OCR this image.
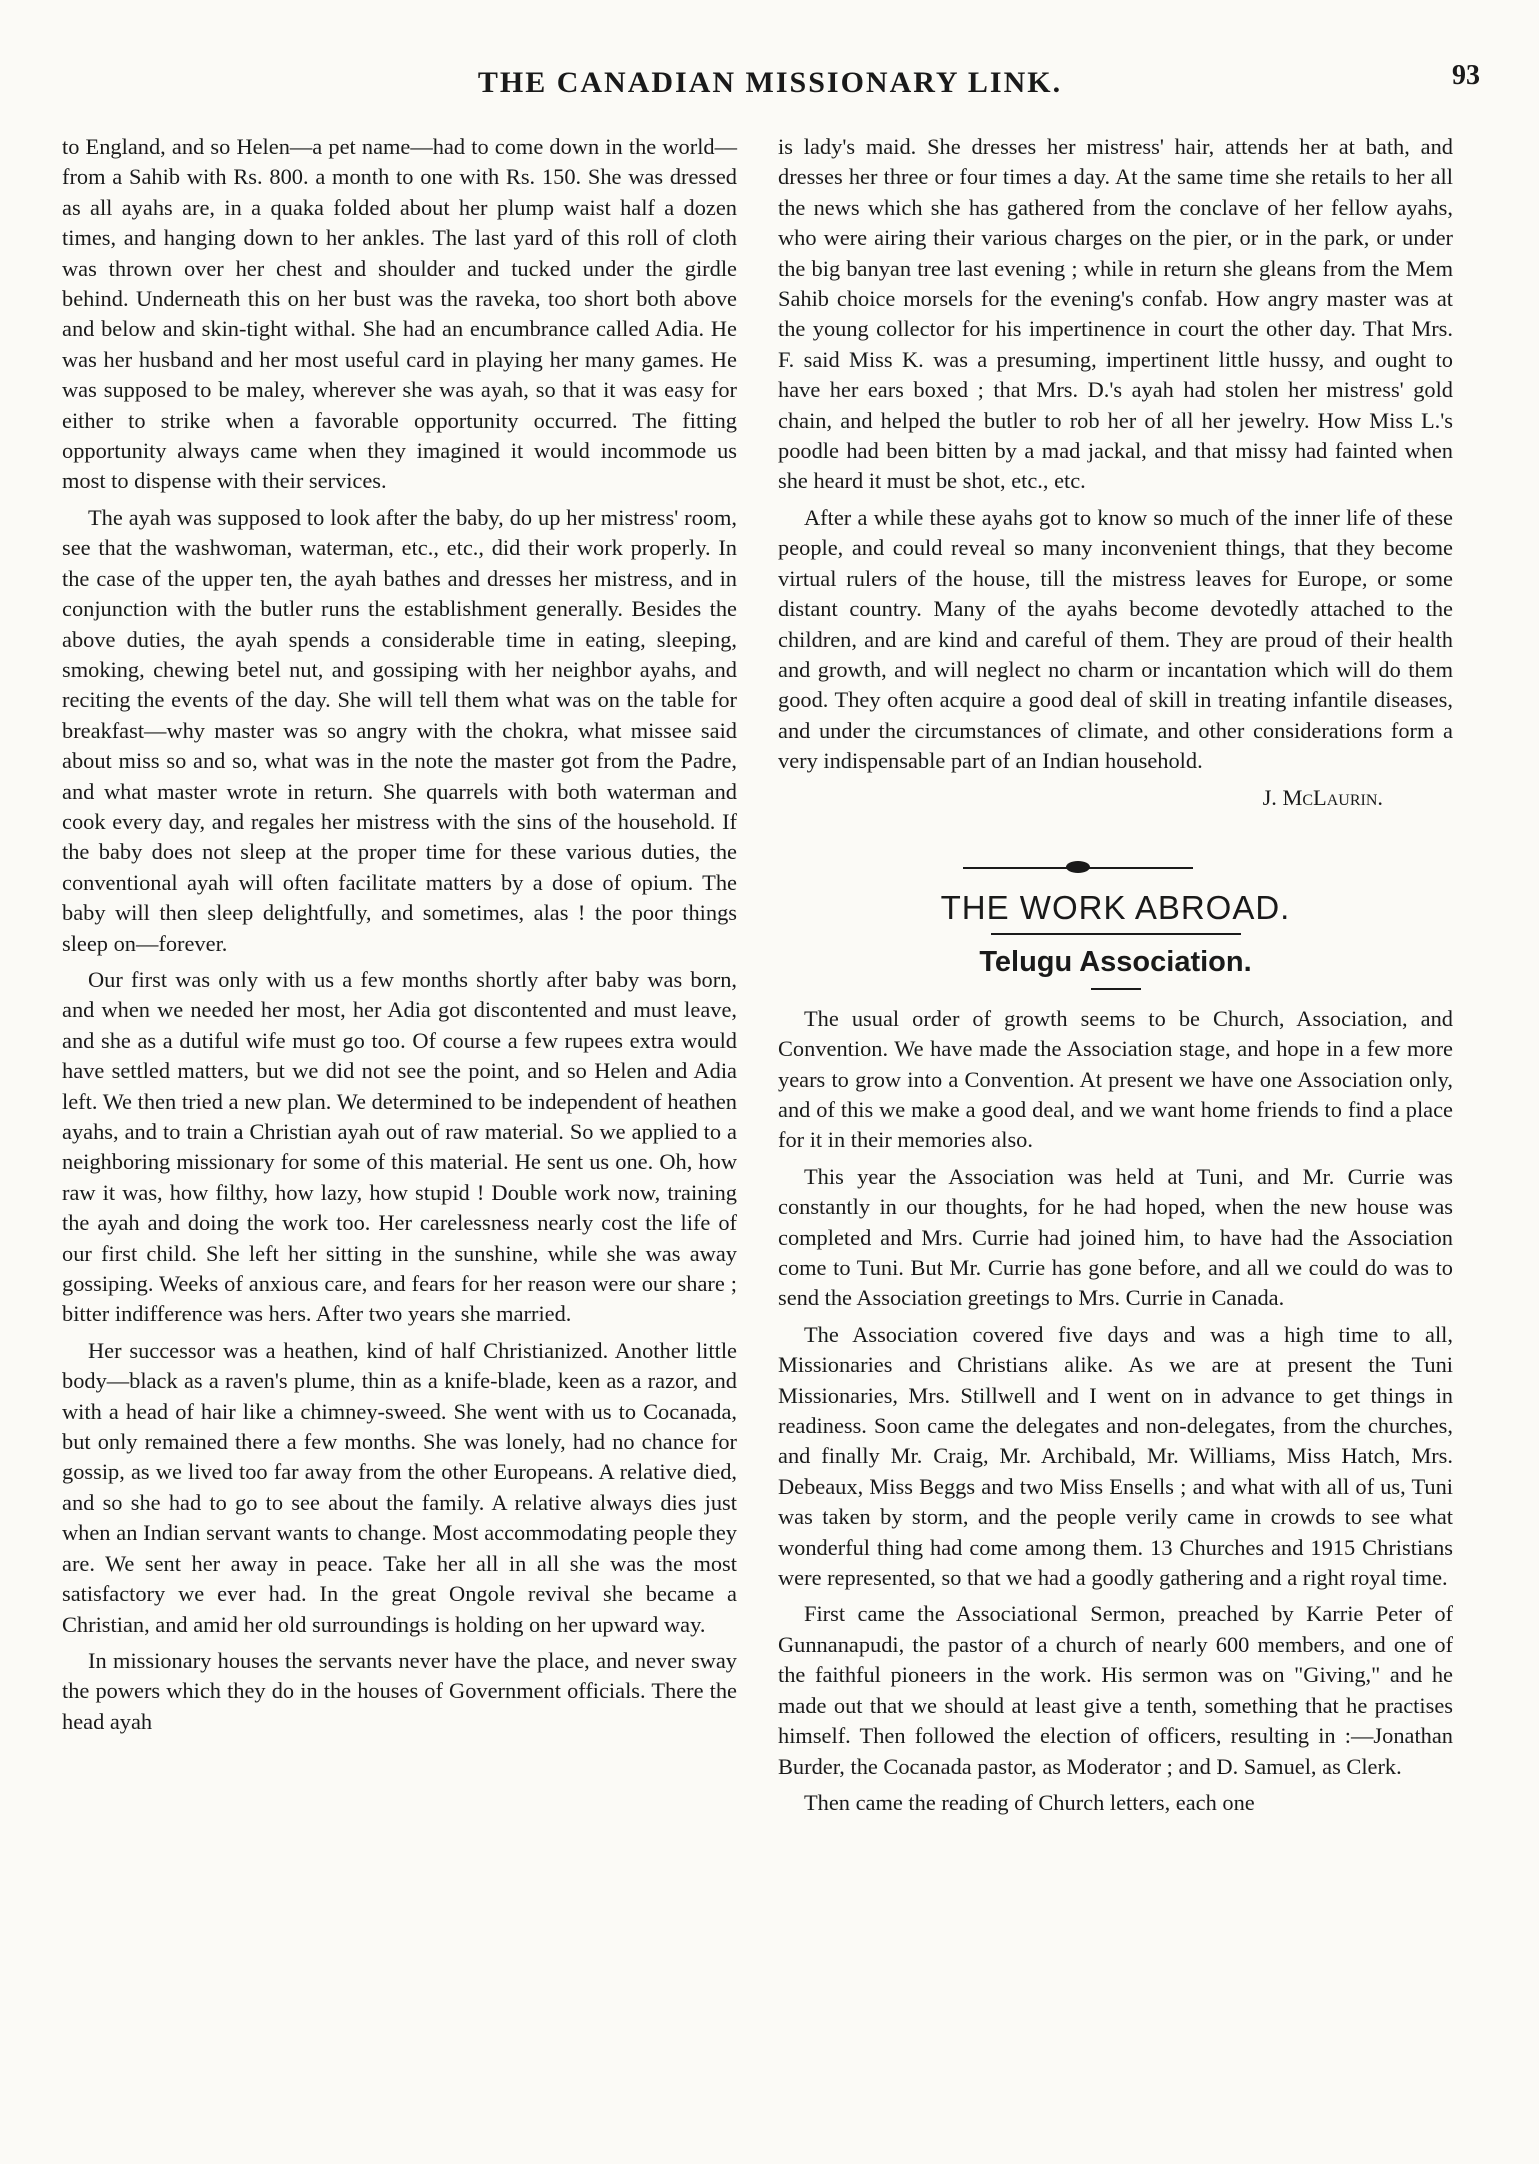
THE CANADIAN MISSIONARY LINK.	93

to England, and so Helen—a pet name—had to come down in the world—from a Sahib with Rs. 800. a month to one with Rs. 150. She was dressed as all ayahs are, in a quaka folded about her plump waist half a dozen times, and hanging down to her ankles. The last yard of this roll of cloth was thrown over her chest and shoulder and tucked under the girdle behind. Underneath this on her bust was the raveka, too short both above and below and skin-tight withal. She had an encumbrance called Adia. He was her husband and her most useful card in playing her many games. He was supposed to be maley, wherever she was ayah, so that it was easy for either to strike when a favorable opportunity occurred. The fitting opportunity always came when they imagined it would incommode us most to dispense with their services.

The ayah was supposed to look after the baby, do up her mistress' room, see that the washwoman, waterman, etc., etc., did their work properly. In the case of the upper ten, the ayah bathes and dresses her mistress, and in conjunction with the butler runs the establishment generally. Besides the above duties, the ayah spends a considerable time in eating, sleeping, smoking, chewing betel nut, and gossiping with her neighbor ayahs, and reciting the events of the day. She will tell them what was on the table for breakfast—why master was so angry with the chokra, what missee said about miss so and so, what was in the note the master got from the Padre, and what master wrote in return. She quarrels with both waterman and cook every day, and regales her mistress with the sins of the household. If the baby does not sleep at the proper time for these various duties, the conventional ayah will often facilitate matters by a dose of opium. The baby will then sleep delightfully, and sometimes, alas ! the poor things sleep on—forever.

Our first was only with us a few months shortly after baby was born, and when we needed her most, her Adia got discontented and must leave, and she as a dutiful wife must go too. Of course a few rupees extra would have settled matters, but we did not see the point, and so Helen and Adia left. We then tried a new plan. We determined to be independent of heathen ayahs, and to train a Christian ayah out of raw material. So we applied to a neighboring missionary for some of this material. He sent us one. Oh, how raw it was, how filthy, how lazy, how stupid ! Double work now, training the ayah and doing the work too. Her carelessness nearly cost the life of our first child. She left her sitting in the sunshine, while she was away gossiping. Weeks of anxious care, and fears for her reason were our share ; bitter indifference was hers. After two years she married.

Her successor was a heathen, kind of half Christianized. Another little body—black as a raven's plume, thin as a knife-blade, keen as a razor, and with a head of hair like a chimney-sweed. She went with us to Cocanada, but only remained there a few months. She was lonely, had no chance for gossip, as we lived too far away from the other Europeans. A relative died, and so she had to go to see about the family. A relative always dies just when an Indian servant wants to change. Most accommodating people they are. We sent her away in peace. Take her all in all she was the most satisfactory we ever had. In the great Ongole revival she became a Christian, and amid her old surroundings is holding on her upward way.

In missionary houses the servants never have the place, and never sway the powers which they do in the houses of Government officials. There the head ayah

is lady's maid. She dresses her mistress' hair, attends her at bath, and dresses her three or four times a day. At the same time she retails to her all the news which she has gathered from the conclave of her fellow ayahs, who were airing their various charges on the pier, or in the park, or under the big banyan tree last evening ; while in return she gleans from the Mem Sahib choice morsels for the evening's confab. How angry master was at the young collector for his impertinence in court the other day. That Mrs. F. said Miss K. was a presuming, impertinent little hussy, and ought to have her ears boxed ; that Mrs. D.'s ayah had stolen her mistress' gold chain, and helped the butler to rob her of all her jewelry. How Miss L.'s poodle had been bitten by a mad jackal, and that missy had fainted when she heard it must be shot, etc., etc.

After a while these ayahs got to know so much of the inner life of these people, and could reveal so many inconvenient things, that they become virtual rulers of the house, till the mistress leaves for Europe, or some distant country. Many of the ayahs become devotedly attached to the children, and are kind and careful of them. They are proud of their health and growth, and will neglect no charm or incantation which will do them good. They often acquire a good deal of skill in treating infantile diseases, and under the circumstances of climate, and other considerations form a very indispensable part of an Indian household.

J. McLaurin.

THE WORK ABROAD.
Telugu Association.

The usual order of growth seems to be Church, Association, and Convention. We have made the Association stage, and hope in a few more years to grow into a Convention. At present we have one Association only, and of this we make a good deal, and we want home friends to find a place for it in their memories also.

This year the Association was held at Tuni, and Mr. Currie was constantly in our thoughts, for he had hoped, when the new house was completed and Mrs. Currie had joined him, to have had the Association come to Tuni. But Mr. Currie has gone before, and all we could do was to send the Association greetings to Mrs. Currie in Canada.

The Association covered five days and was a high time to all, Missionaries and Christians alike. As we are at present the Tuni Missionaries, Mrs. Stillwell and I went on in advance to get things in readiness. Soon came the delegates and non-delegates, from the churches, and finally Mr. Craig, Mr. Archibald, Mr. Williams, Miss Hatch, Mrs. Debeaux, Miss Beggs and two Miss Ensells ; and what with all of us, Tuni was taken by storm, and the people verily came in crowds to see what wonderful thing had come among them. 13 Churches and 1915 Christians were represented, so that we had a goodly gathering and a right royal time.

First came the Associational Sermon, preached by Karrie Peter of Gunnanapudi, the pastor of a church of nearly 600 members, and one of the faithful pioneers in the work. His sermon was on "Giving," and he made out that we should at least give a tenth, something that he practises himself. Then followed the election of officers, resulting in :—Jonathan Burder, the Cocanada pastor, as Moderator ; and D. Samuel, as Clerk.

Then came the reading of Church letters, each one
